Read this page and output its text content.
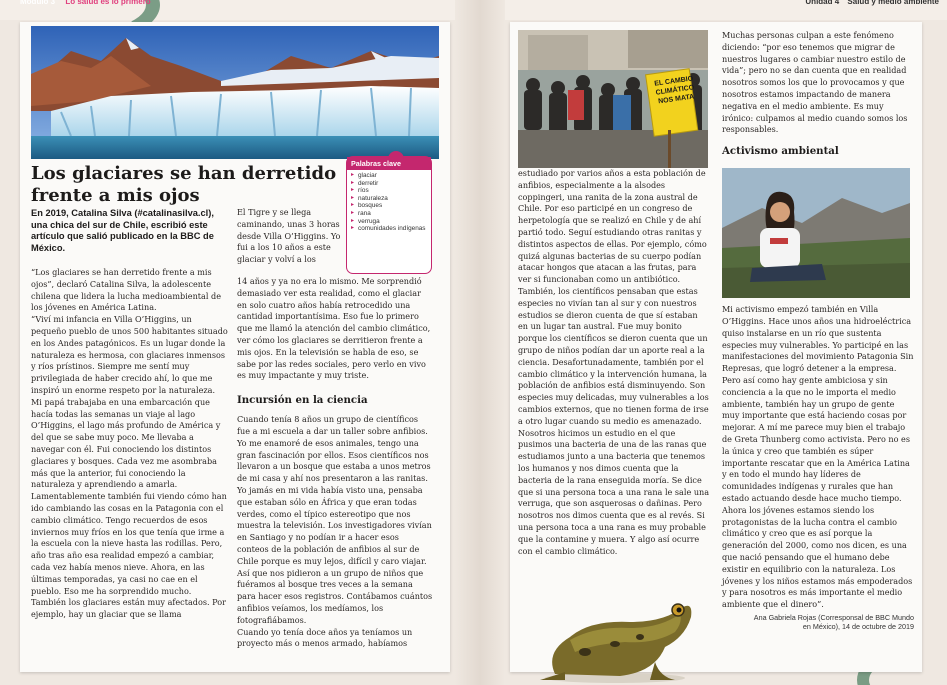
Módulo 3 Lo salud es lo primero	Unidad 4 Salud y medio ambiente
Los glaciares se han derretido frente a mis ojos
Palabras clave
▸ glaciar
▸ derretir
▸ ríos
▸ naturaleza
▸ bosques
▸ rana
▸ verruga
▸ comunidades indígenas

En 2019, Catalina Silva (#catalinasilva.cl), una chica del sur de Chile, escribió este artículo que salió publicado en la BBC de México.

“Los glaciares se han derretido frente a mis ojos”, declaró Catalina Silva, la adolescente chilena que lidera la lucha medioambiental de los jóvenes en América Latina.

“Viví mi infancia en Villa O’Higgins, un pequeño pueblo de unos 500 habitantes situado en los Andes patagónicos. Es un lugar donde la naturaleza es hermosa, con glaciares inmensos y ríos prístinos. Siempre me sentí muy privilegiada de haber crecido ahí, lo que me inspiró un enorme respeto por la naturaleza.

Mi papá trabajaba en una embarcación que hacía todas las semanas un viaje al lago O’Higgins, el lago más profundo de América y del que se sabe muy poco. Me llevaba a navegar con él. Fui conociendo los distintos glaciares y bosques. Cada vez me asombraba más que la anterior, fui conociendo la naturaleza y aprendiendo a amarla.

Lamentablemente también fui viendo cómo han ido cambiando las cosas en la Patagonia con el cambio climático. Tengo recuerdos de esos inviernos muy fríos en los que tenía que irme a la escuela con la nieve hasta las rodillas. Pero, año tras año esa realidad empezó a cambiar, cada vez había menos nieve. Ahora, en las últimas temporadas, ya casi no cae en el pueblo. Eso me ha sorprendido mucho.

También los glaciares están muy afectados. Por ejemplo, hay un glaciar que se llama

El Tigre y se llega caminando, unas 3 horas desde Villa O’Higgins. Yo fui a los 10 años a este glaciar y volví a los

14 años y ya no era lo mismo. Me sorprendió demasiado ver esta realidad, como el glaciar en solo cuatro años había retrocedido una cantidad importantísima. Eso fue lo primero que me llamó la atención del cambio climático, ver cómo los glaciares se derritieron frente a mis ojos. En la televisión se habla de eso, se sabe por las redes sociales, pero verlo en vivo es muy impactante y muy triste.

Incursión en la ciencia

Cuando tenía 8 años un grupo de científicos fue a mi escuela a dar un taller sobre anfibios. Yo me enamoré de esos animales, tengo una gran fascinación por ellos. Esos científicos nos llevaron a un bosque que estaba a unos metros de mi casa y ahí nos presentaron a las ranitas. Yo jamás en mi vida había visto una, pensaba que estaban sólo en África y que eran todas verdes, como el típico estereotipo que nos muestra la televisión. Los investigadores vivían en Santiago y no podían ir a hacer esos conteos de la población de anfibios al sur de Chile porque es muy lejos, difícil y caro viajar. Así que nos pidieron a un grupo de niños que fuéramos al bosque tres veces a la semana para hacer esos registros. Contábamos cuántos anfibios veíamos, los medíamos, los fotografiábamos.

Cuando yo tenía doce años ya teníamos un proyecto más o menos armado, habíamos

EL CAMBIO
CLIMÁTICO
NOS MATA

estudiado por varios años a esta población de anfibios, especialmente a la alsodes coppingeri, una ranita de la zona austral de Chile. Por eso participé en un congreso de herpetología que se realizó en Chile y de ahí partió todo. Seguí estudiando otras ranitas y distintos aspectos de ellas. Por ejemplo, cómo quizá algunas bacterias de su cuerpo podían atacar hongos que atacan a las frutas, para ver si funcionaban como un antibiótico. También, los científicos pensaban que estas especies no vivían tan al sur y con nuestros estudios se dieron cuenta de que sí estaban en un lugar tan austral. Fue muy bonito porque los científicos se dieron cuenta que un grupo de niños podían dar un aporte real a la ciencia. Desafortunadamente, también por el cambio climático y la intervención humana, la población de anfibios está disminuyendo. Son especies muy delicadas, muy vulnerables a los cambios externos, que no tienen forma de irse a otro lugar cuando su medio es amenazado. Nosotros hicimos un estudio en el que pusimos una bacteria de una de las ranas que estudiamos junto a una bacteria que tenemos los humanos y nos dimos cuenta que la bacteria de la rana enseguida moría. Se dice que si una persona toca a una rana le sale una verruga, que son asquerosas o dañinas. Pero nosotros nos dimos cuenta que es al revés. Si una persona toca a una rana es muy probable que la contamine y muera. Y algo así ocurre con el cambio climático.

Muchas personas culpan a este fenómeno diciendo: “por eso tenemos que migrar de nuestros lugares o cambiar nuestro estilo de vida”; pero no se dan cuenta que en realidad nosotros somos los que lo provocamos y que nosotros estamos impactando de manera negativa en el medio ambiente. Es muy irónico: culpamos al medio cuando somos los responsables.

Activismo ambiental

Mi activismo empezó también en Villa O’Higgins. Hace unos años una hidroeléctrica quiso instalarse en un río que sustenta especies muy vulnerables. Yo participé en las manifestaciones del movimiento Patagonia Sin Represas, que logró detener a la empresa. Pero así como hay gente ambiciosa y sin conciencia a la que no le importa el medio ambiente, también hay un grupo de gente muy importante que está haciendo cosas por mejorar. A mí me parece muy bien el trabajo de Greta Thunberg como activista. Pero no es la única y creo que también es súper importante rescatar que en la América Latina y en todo el mundo hay líderes de comunidades indígenas y rurales que han estado actuando desde hace mucho tiempo. Ahora los jóvenes estamos siendo los protagonistas de la lucha contra el cambio climático y creo que es así porque la generación del 2000, como nos dicen, es una que nació pensando que el humano debe existir en equilibrio con la naturaleza. Los jóvenes y los niños estamos más empoderados y para nosotros es más importante el medio ambiente que el dinero”.

Ana Gabriela Rojas (Corresponsal de BBC Mundo
en México), 14 de octubre de 2019
